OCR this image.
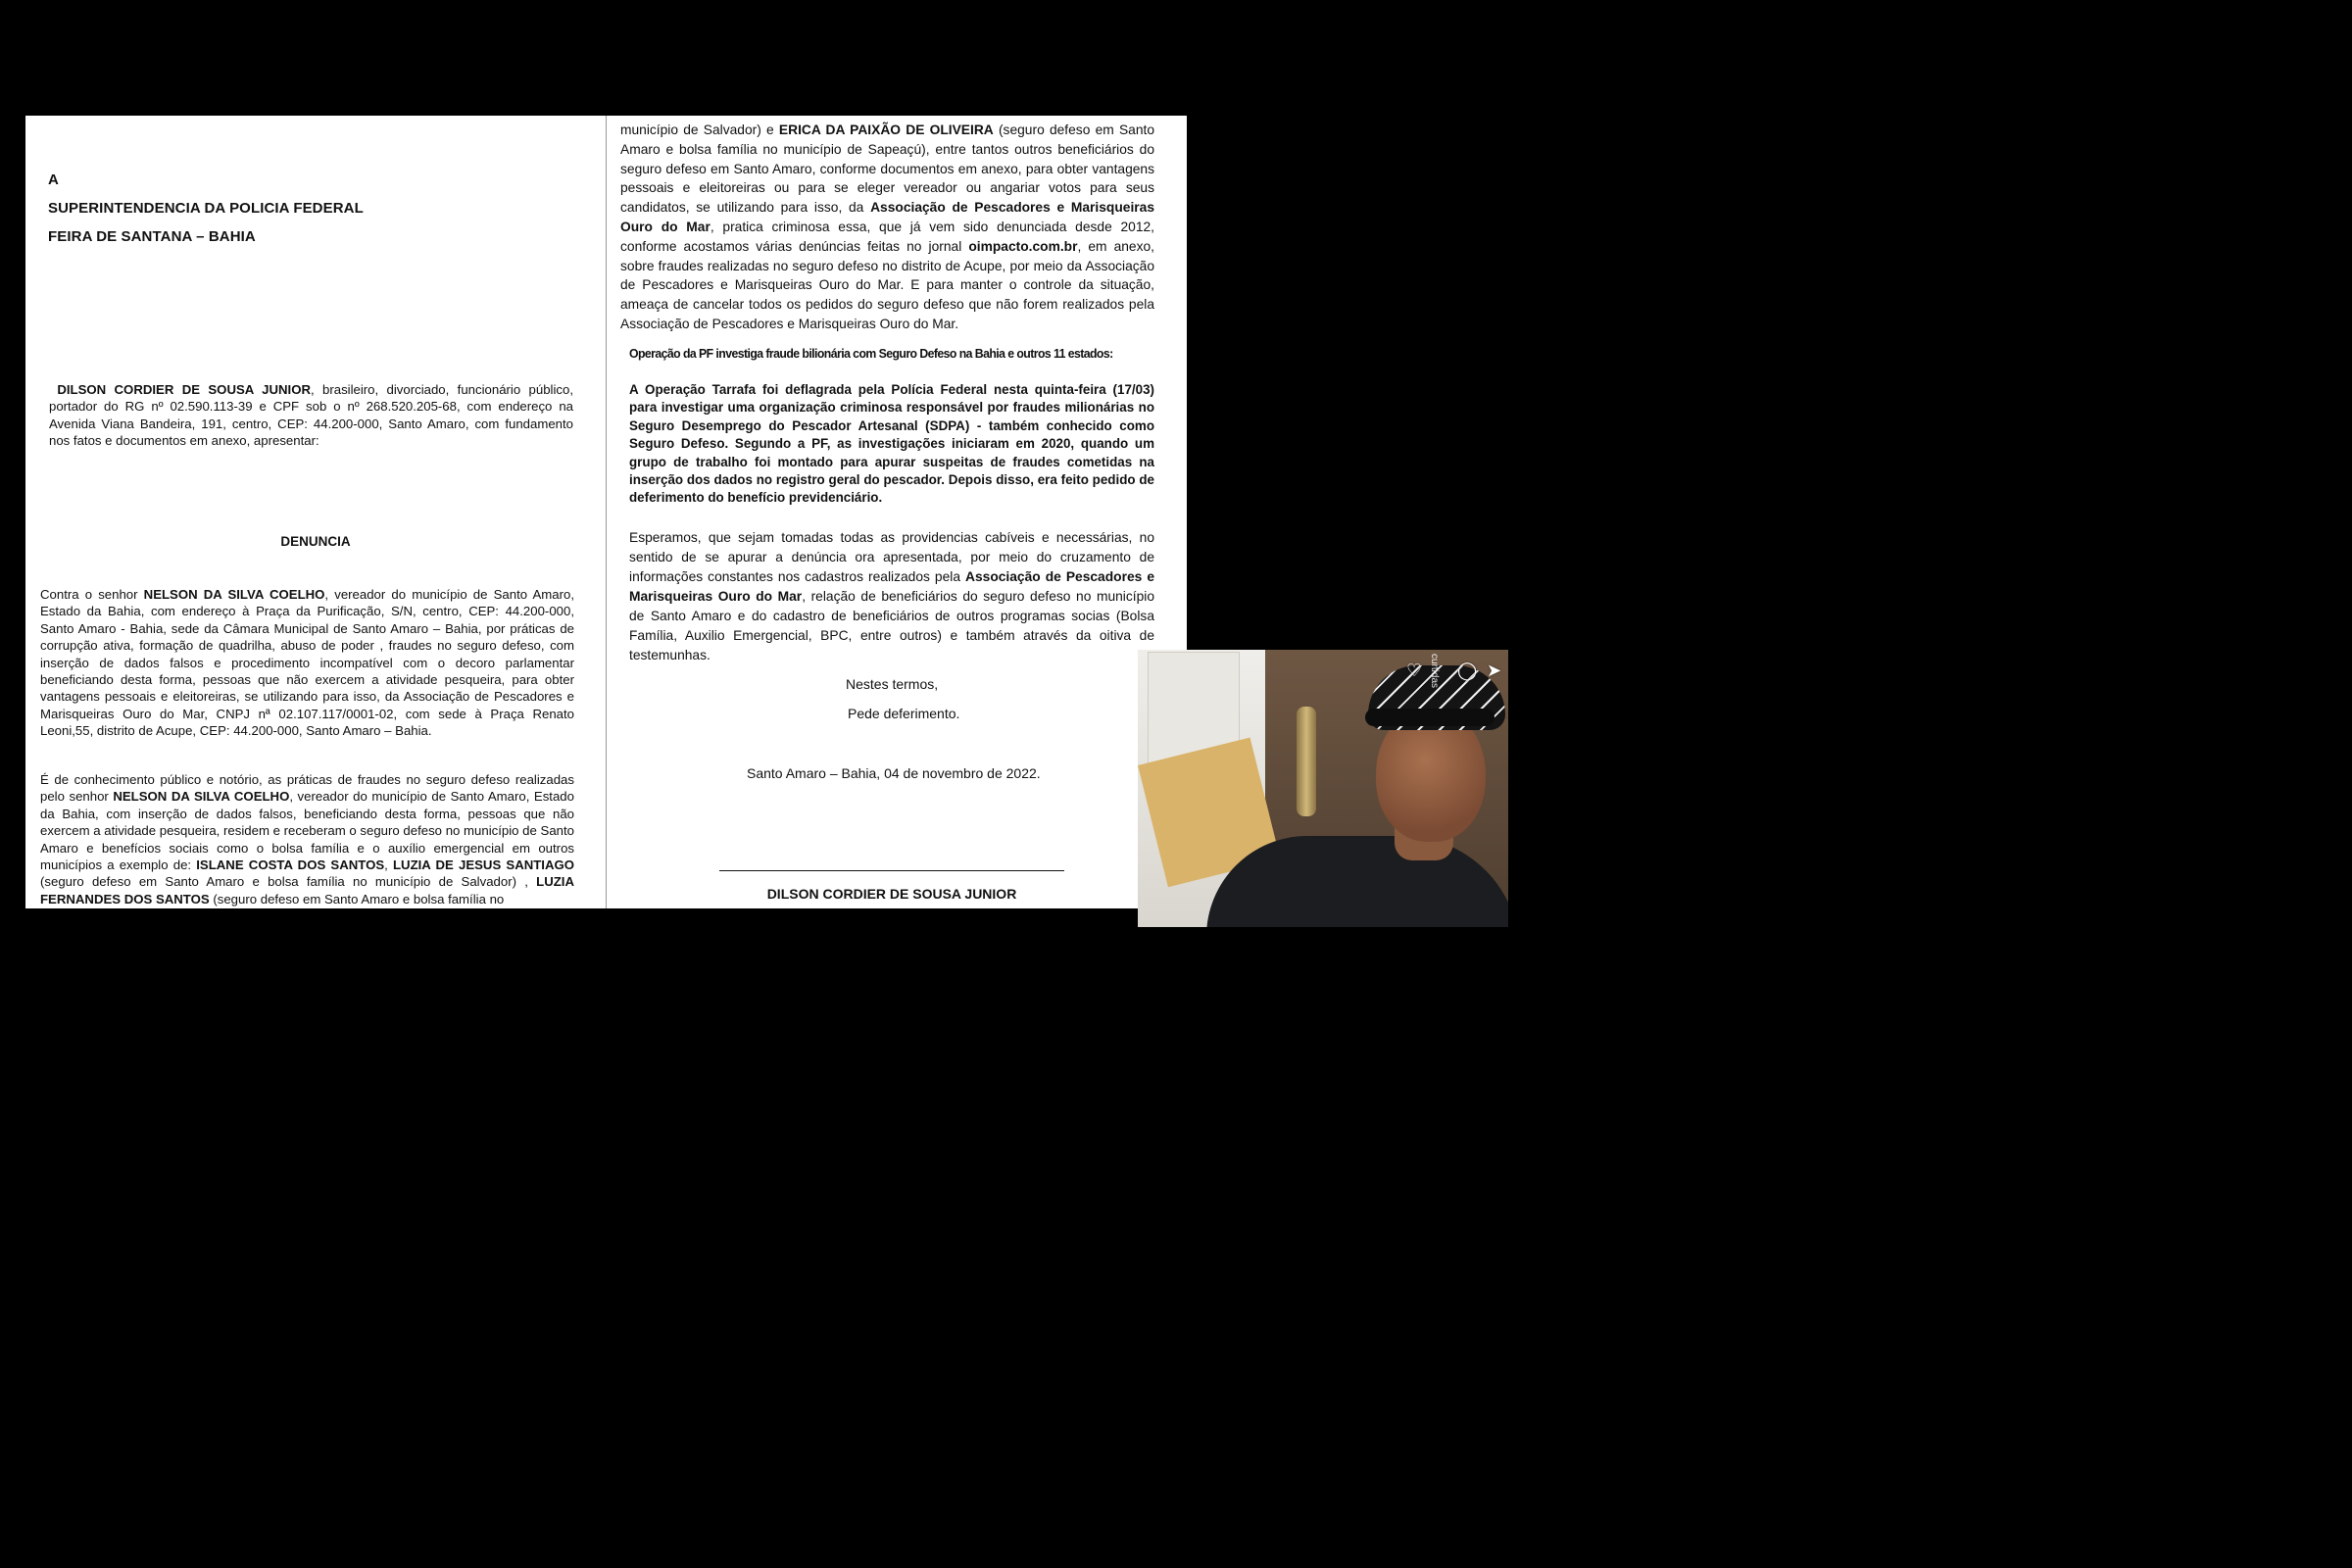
A
SUPERINTENDENCIA DA POLICIA FEDERAL
FEIRA DE SANTANA – BAHIA

DILSON CORDIER DE SOUSA JUNIOR, brasileiro, divorciado, funcionário público, portador do RG nº 02.590.113-39 e CPF sob o nº 268.520.205-68, com endereço na Avenida Viana Bandeira, 191, centro, CEP: 44.200-000, Santo Amaro, com fundamento nos fatos e documentos em anexo, apresentar:

DENUNCIA

Contra o senhor NELSON DA SILVA COELHO, vereador do município de Santo Amaro, Estado da Bahia, com endereço à Praça da Purificação, S/N, centro, CEP: 44.200-000, Santo Amaro - Bahia, sede da Câmara Municipal de Santo Amaro – Bahia, por práticas de corrupção ativa, formação de quadrilha, abuso de poder , fraudes no seguro defeso, com inserção de dados falsos e procedimento incompatível com o decoro parlamentar beneficiando desta forma, pessoas que não exercem a atividade pesqueira, para obter vantagens pessoais e eleitoreiras, se utilizando para isso, da Associação de Pescadores e Marisqueiras Ouro do Mar, CNPJ nª 02.107.117/0001-02, com sede à Praça Renato Leoni,55, distrito de Acupe, CEP: 44.200-000, Santo Amaro – Bahia.

É de conhecimento público e notório, as práticas de fraudes no seguro defeso realizadas pelo senhor NELSON DA SILVA COELHO, vereador do município de Santo Amaro, Estado da Bahia, com inserção de dados falsos, beneficiando desta forma, pessoas que não exercem a atividade pesqueira, residem e receberam o seguro defeso no município de Santo Amaro e benefícios sociais como o bolsa família e o auxílio emergencial em outros municípios a exemplo de: ISLANE COSTA DOS SANTOS, LUZIA DE JESUS SANTIAGO (seguro defeso em Santo Amaro e bolsa família no município de Salvador) , LUZIA FERNANDES DOS SANTOS (seguro defeso em Santo Amaro e bolsa família no

município de Salvador) e ERICA DA PAIXÃO DE OLIVEIRA (seguro defeso em Santo Amaro e bolsa família no município de Sapeaçú), entre tantos outros beneficiários do seguro defeso em Santo Amaro, conforme documentos em anexo, para obter vantagens pessoais e eleitoreiras ou para se eleger vereador ou angariar votos para seus candidatos, se utilizando para isso, da Associação de Pescadores e Marisqueiras Ouro do Mar, pratica criminosa essa, que já vem sido denunciada desde 2012, conforme acostamos várias denúncias feitas no jornal oimpacto.com.br, em anexo, sobre fraudes realizadas no seguro defeso no distrito de Acupe, por meio da Associação de Pescadores e Marisqueiras Ouro do Mar. E para manter o controle da situação, ameaça de cancelar todos os pedidos do seguro defeso que não forem realizados pela Associação de Pescadores e Marisqueiras Ouro do Mar.

Operação da PF investiga fraude bilionária com Seguro Defeso na Bahia e outros 11 estados:

A Operação Tarrafa foi deflagrada pela Polícia Federal nesta quinta-feira (17/03) para investigar uma organização criminosa responsável por fraudes milionárias no Seguro Desemprego do Pescador Artesanal (SDPA) - também conhecido como Seguro Defeso. Segundo a PF, as investigações iniciaram em 2020, quando um grupo de trabalho foi montado para apurar suspeitas de fraudes cometidas na inserção dos dados no registro geral do pescador. Depois disso, era feito pedido de deferimento do benefício previdenciário.

Esperamos, que sejam tomadas todas as providencias cabíveis e necessárias, no sentido de se apurar a denúncia ora apresentada, por meio do cruzamento de informações constantes nos cadastros realizados pela Associação de Pescadores e Marisqueiras Ouro do Mar, relação de beneficiários do seguro defeso no município de Santo Amaro e do cadastro de beneficiários de outros programas socias (Bolsa Família, Auxilio Emergencial, BPC, entre outros) e também através da oitiva de testemunhas.

Nestes termos,
Pede deferimento.
Santo Amaro – Bahia, 04 de novembro de 2022.
DILSON CORDIER DE SOUSA JUNIOR
♡ curtidas ◯ ➤
